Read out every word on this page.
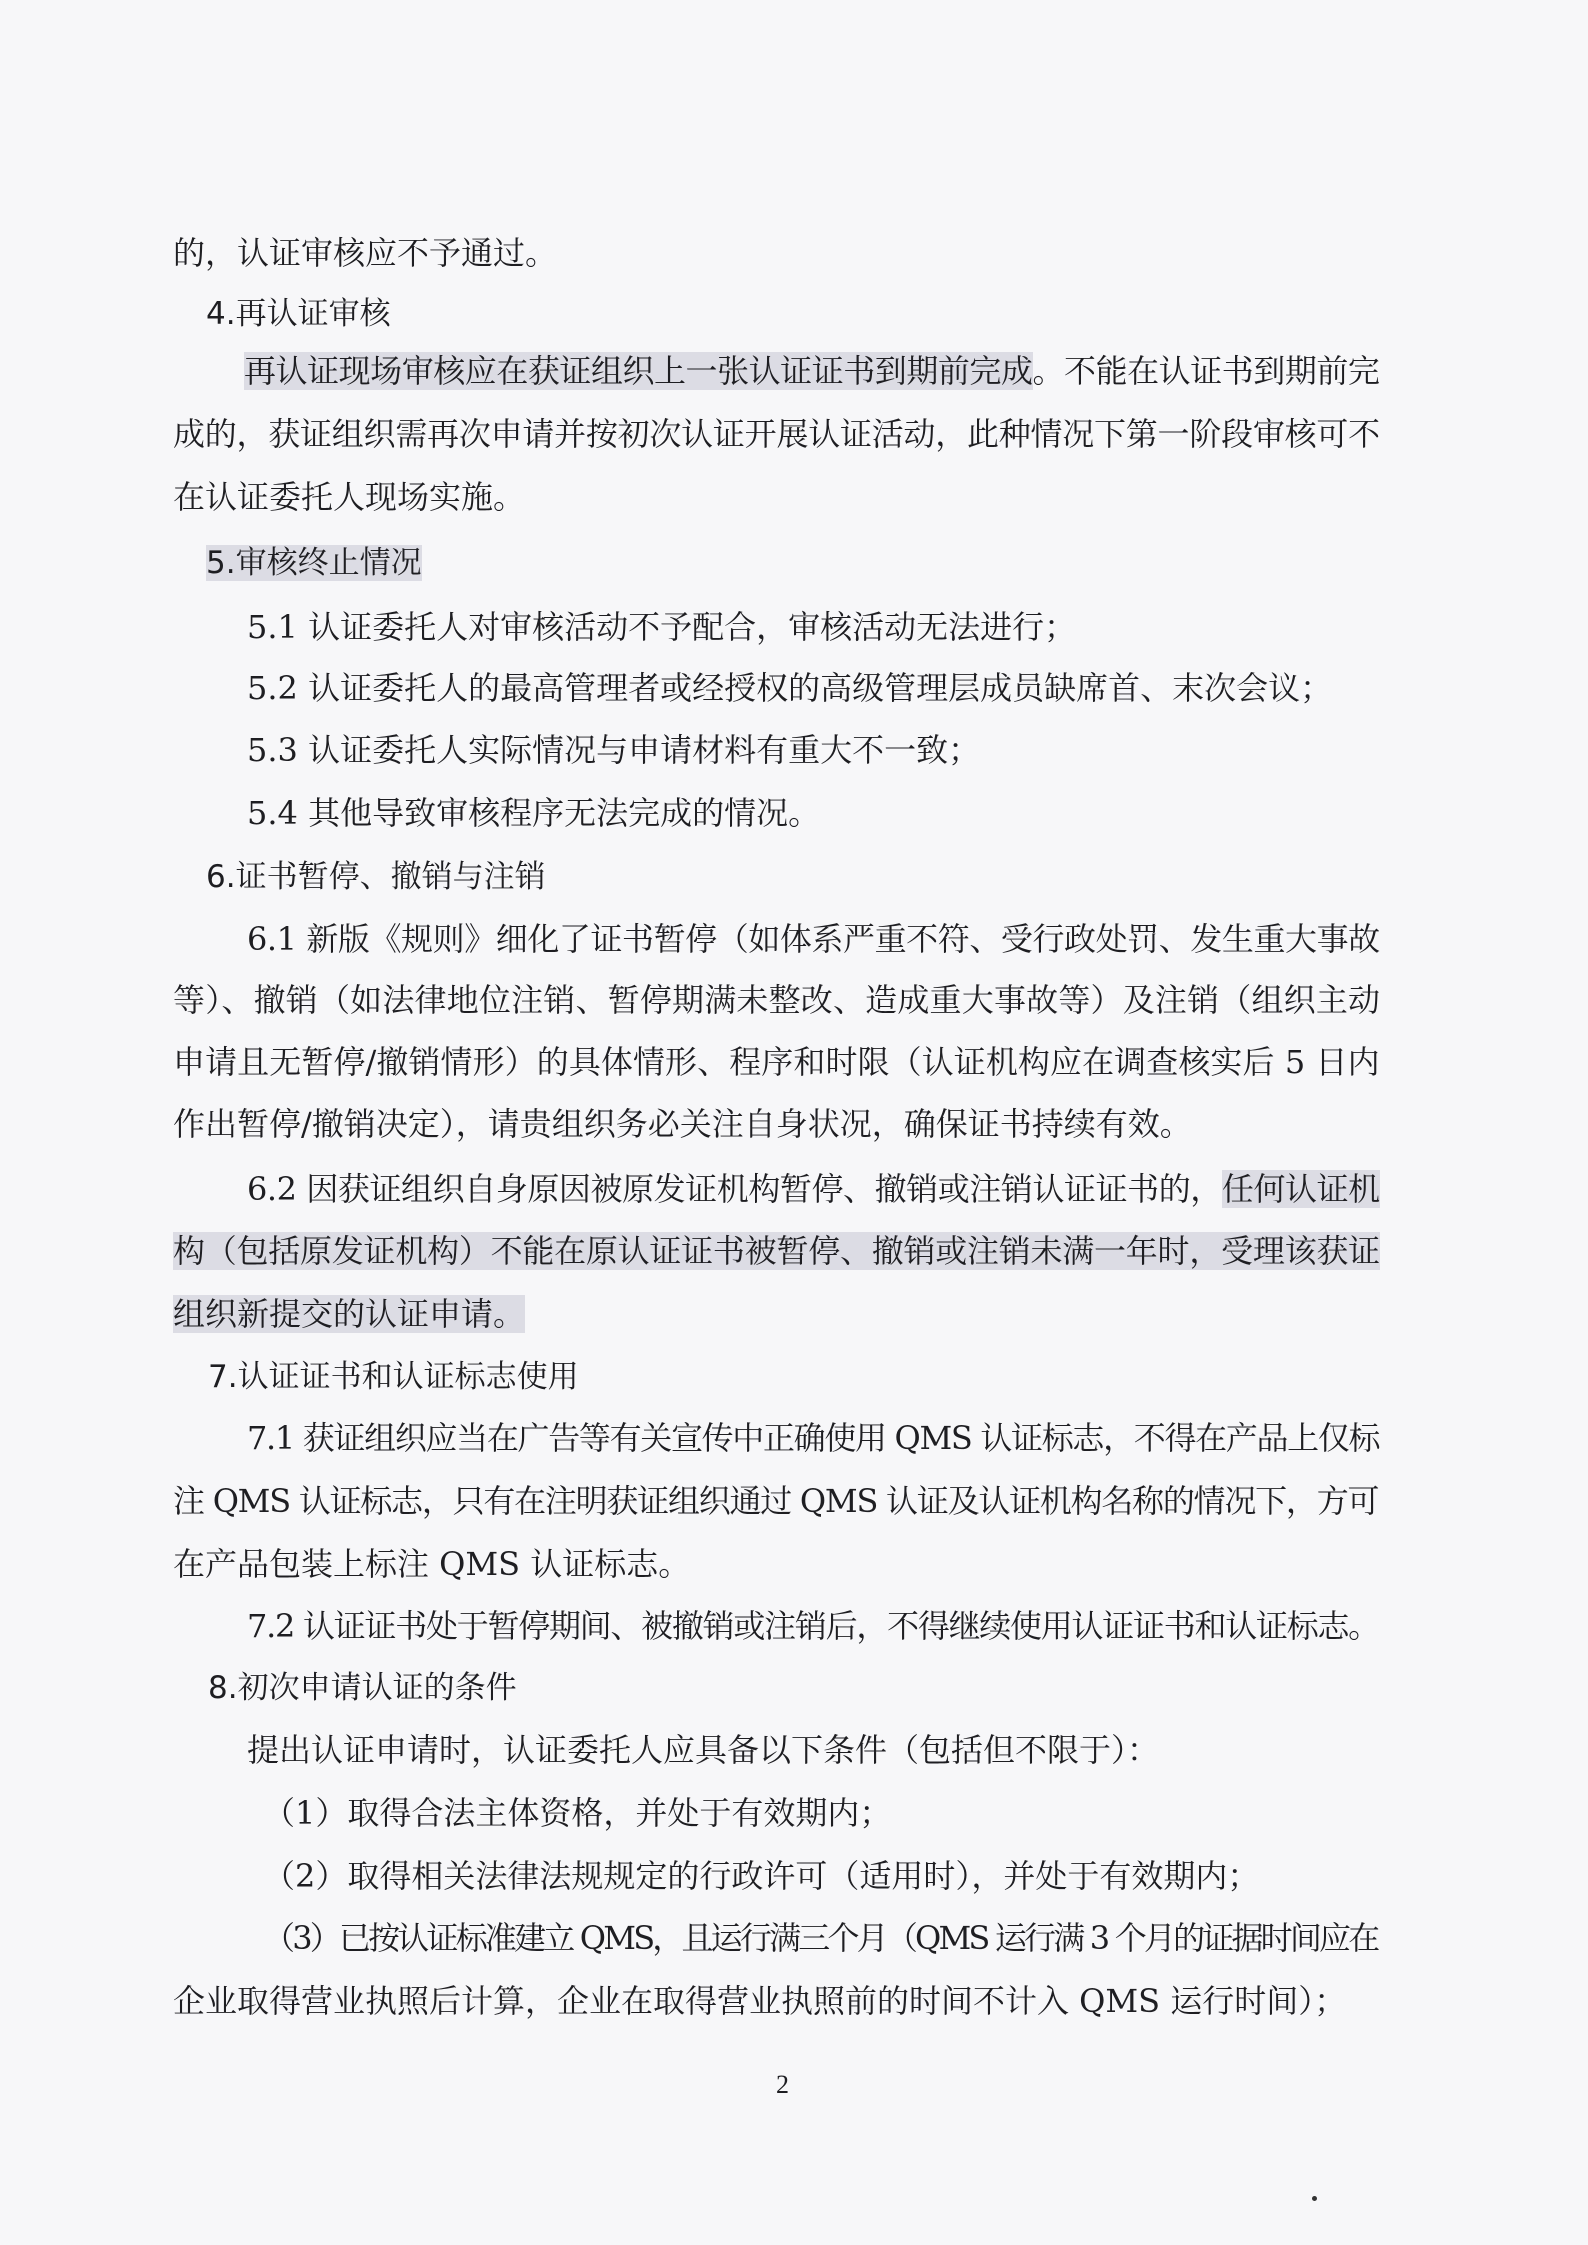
的，认证审核应不予通过。
4.再认证审核
再认证现场审核应在获证组织上一张认证证书到期前完成。不能在认证书到期前完
成的，获证组织需再次申请并按初次认证开展认证活动，此种情况下第一阶段审核可不
在认证委托人现场实施。
5.审核终止情况
5.1 认证委托人对审核活动不予配合，审核活动无法进行；
5.2 认证委托人的最高管理者或经授权的高级管理层成员缺席首、末次会议；
5.3 认证委托人实际情况与申请材料有重大不一致；
5.4 其他导致审核程序无法完成的情况。
6.证书暂停、撤销与注销
6.1 新版《规则》细化了证书暂停（如体系严重不符、受行政处罚、发生重大事故
等）、撤销（如法律地位注销、暂停期满未整改、造成重大事故等）及注销（组织主动
申请且无暂停/撤销情形）的具体情形、程序和时限（认证机构应在调查核实后 5 日内
作出暂停/撤销决定），请贵组织务必关注自身状况，确保证书持续有效。
6.2 因获证组织自身原因被原发证机构暂停、撤销或注销认证证书的，任何认证机
构（包括原发证机构）不能在原认证证书被暂停、撤销或注销未满一年时，受理该获证
组织新提交的认证申请。
7.认证证书和认证标志使用
7.1 获证组织应当在广告等有关宣传中正确使用 QMS 认证标志，不得在产品上仅标
注 QMS 认证标志，只有在注明获证组织通过 QMS 认证及认证机构名称的情况下，方可
在产品包装上标注 QMS 认证标志。
7.2 认证证书处于暂停期间、被撤销或注销后，不得继续使用认证证书和认证标志。
8.初次申请认证的条件
提出认证申请时，认证委托人应具备以下条件（包括但不限于）：
（1）取得合法主体资格，并处于有效期内；
（2）取得相关法律法规规定的行政许可（适用时），并处于有效期内；
（3）已按认证标准建立 QMS，且运行满三个月（QMS 运行满 3 个月的证据时间应在
企业取得营业执照后计算，企业在取得营业执照前的时间不计入 QMS 运行时间）；
2
